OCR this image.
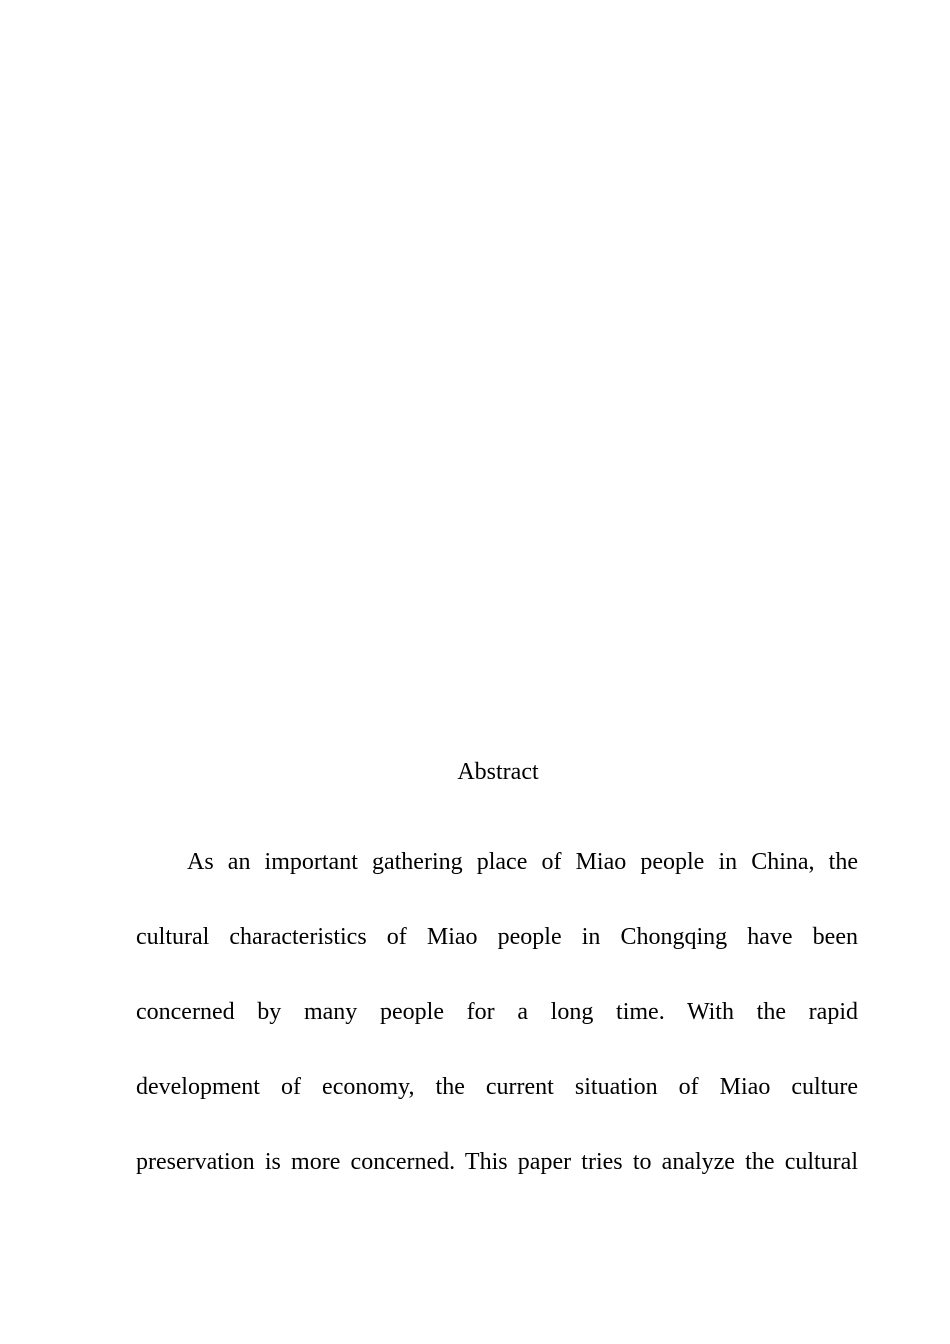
Abstract
As an important gathering place of Miao people in China, the
cultural characteristics of Miao people in Chongqing have been
concerned by many people for a long time. With the rapid
development of economy, the current situation of Miao culture
preservation is more concerned. This paper tries to analyze the cultural
